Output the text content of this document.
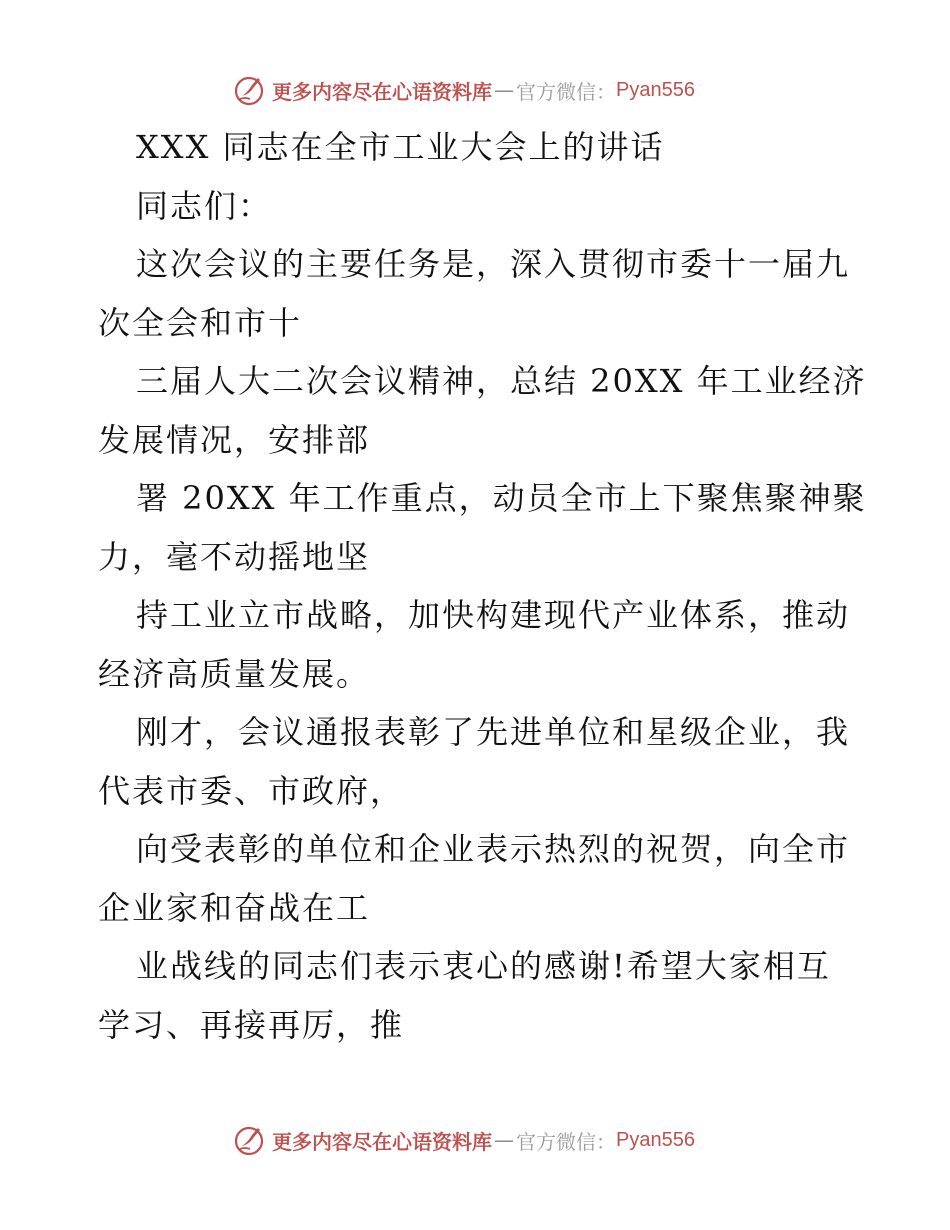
更多内容尽在心语资料库 — 官方微信： Pyan556
XXX 同志在全市工业大会上的讲话
同志们：
这次会议的主要任务是，深入贯彻市委十一届九
次全会和市十
三届人大二次会议精神，总结 20XX 年工业经济
发展情况，安排部
署 20XX 年工作重点，动员全市上下聚焦聚神聚
力，毫不动摇地坚
持工业立市战略，加快构建现代产业体系，推动
经济高质量发展。
刚才，会议通报表彰了先进单位和星级企业，我
代表市委、市政府，
向受表彰的单位和企业表示热烈的祝贺，向全市
企业家和奋战在工
业战线的同志们表示衷心的感谢!希望大家相互
学习、再接再厉，推
更多内容尽在心语资料库 — 官方微信： Pyan556
